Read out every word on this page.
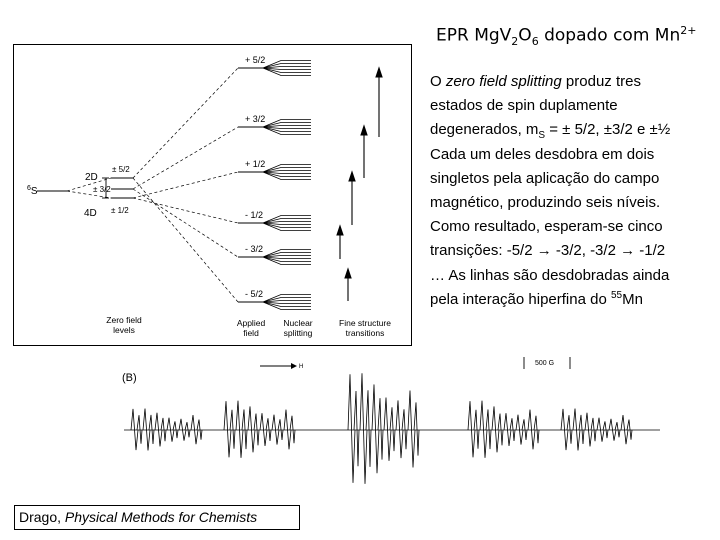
EPR $MgV_2O_6$ dopado com $Mn^{2+}$
O zero field splitting produz tres
estados de spin duplamente
degenerados, $m_S$ = ± 5/2, ±3/2 e ±½
Cada um deles desdobra em dois
singletos pela aplicação do campo
magnético, produzindo seis níveis.
Como resultado, esperam-se cinco
transições: -5/2 → -3/2, -3/2 → -1/2
… As linhas são desdobradas ainda
pela interação hiperfina do $^{55}$Mn
$^6$S
2D
4D
± 5/2
± 3/2
± 1/2
+ 5/2
+ 3/2
+ 1/2
- 1/2
- 3/2
- 5/2
Zero field
levels
Applied
field
Nuclear
splitting
Fine structure
transitions
(B)
H	500 G
Drago, Physical Methods for Chemists
